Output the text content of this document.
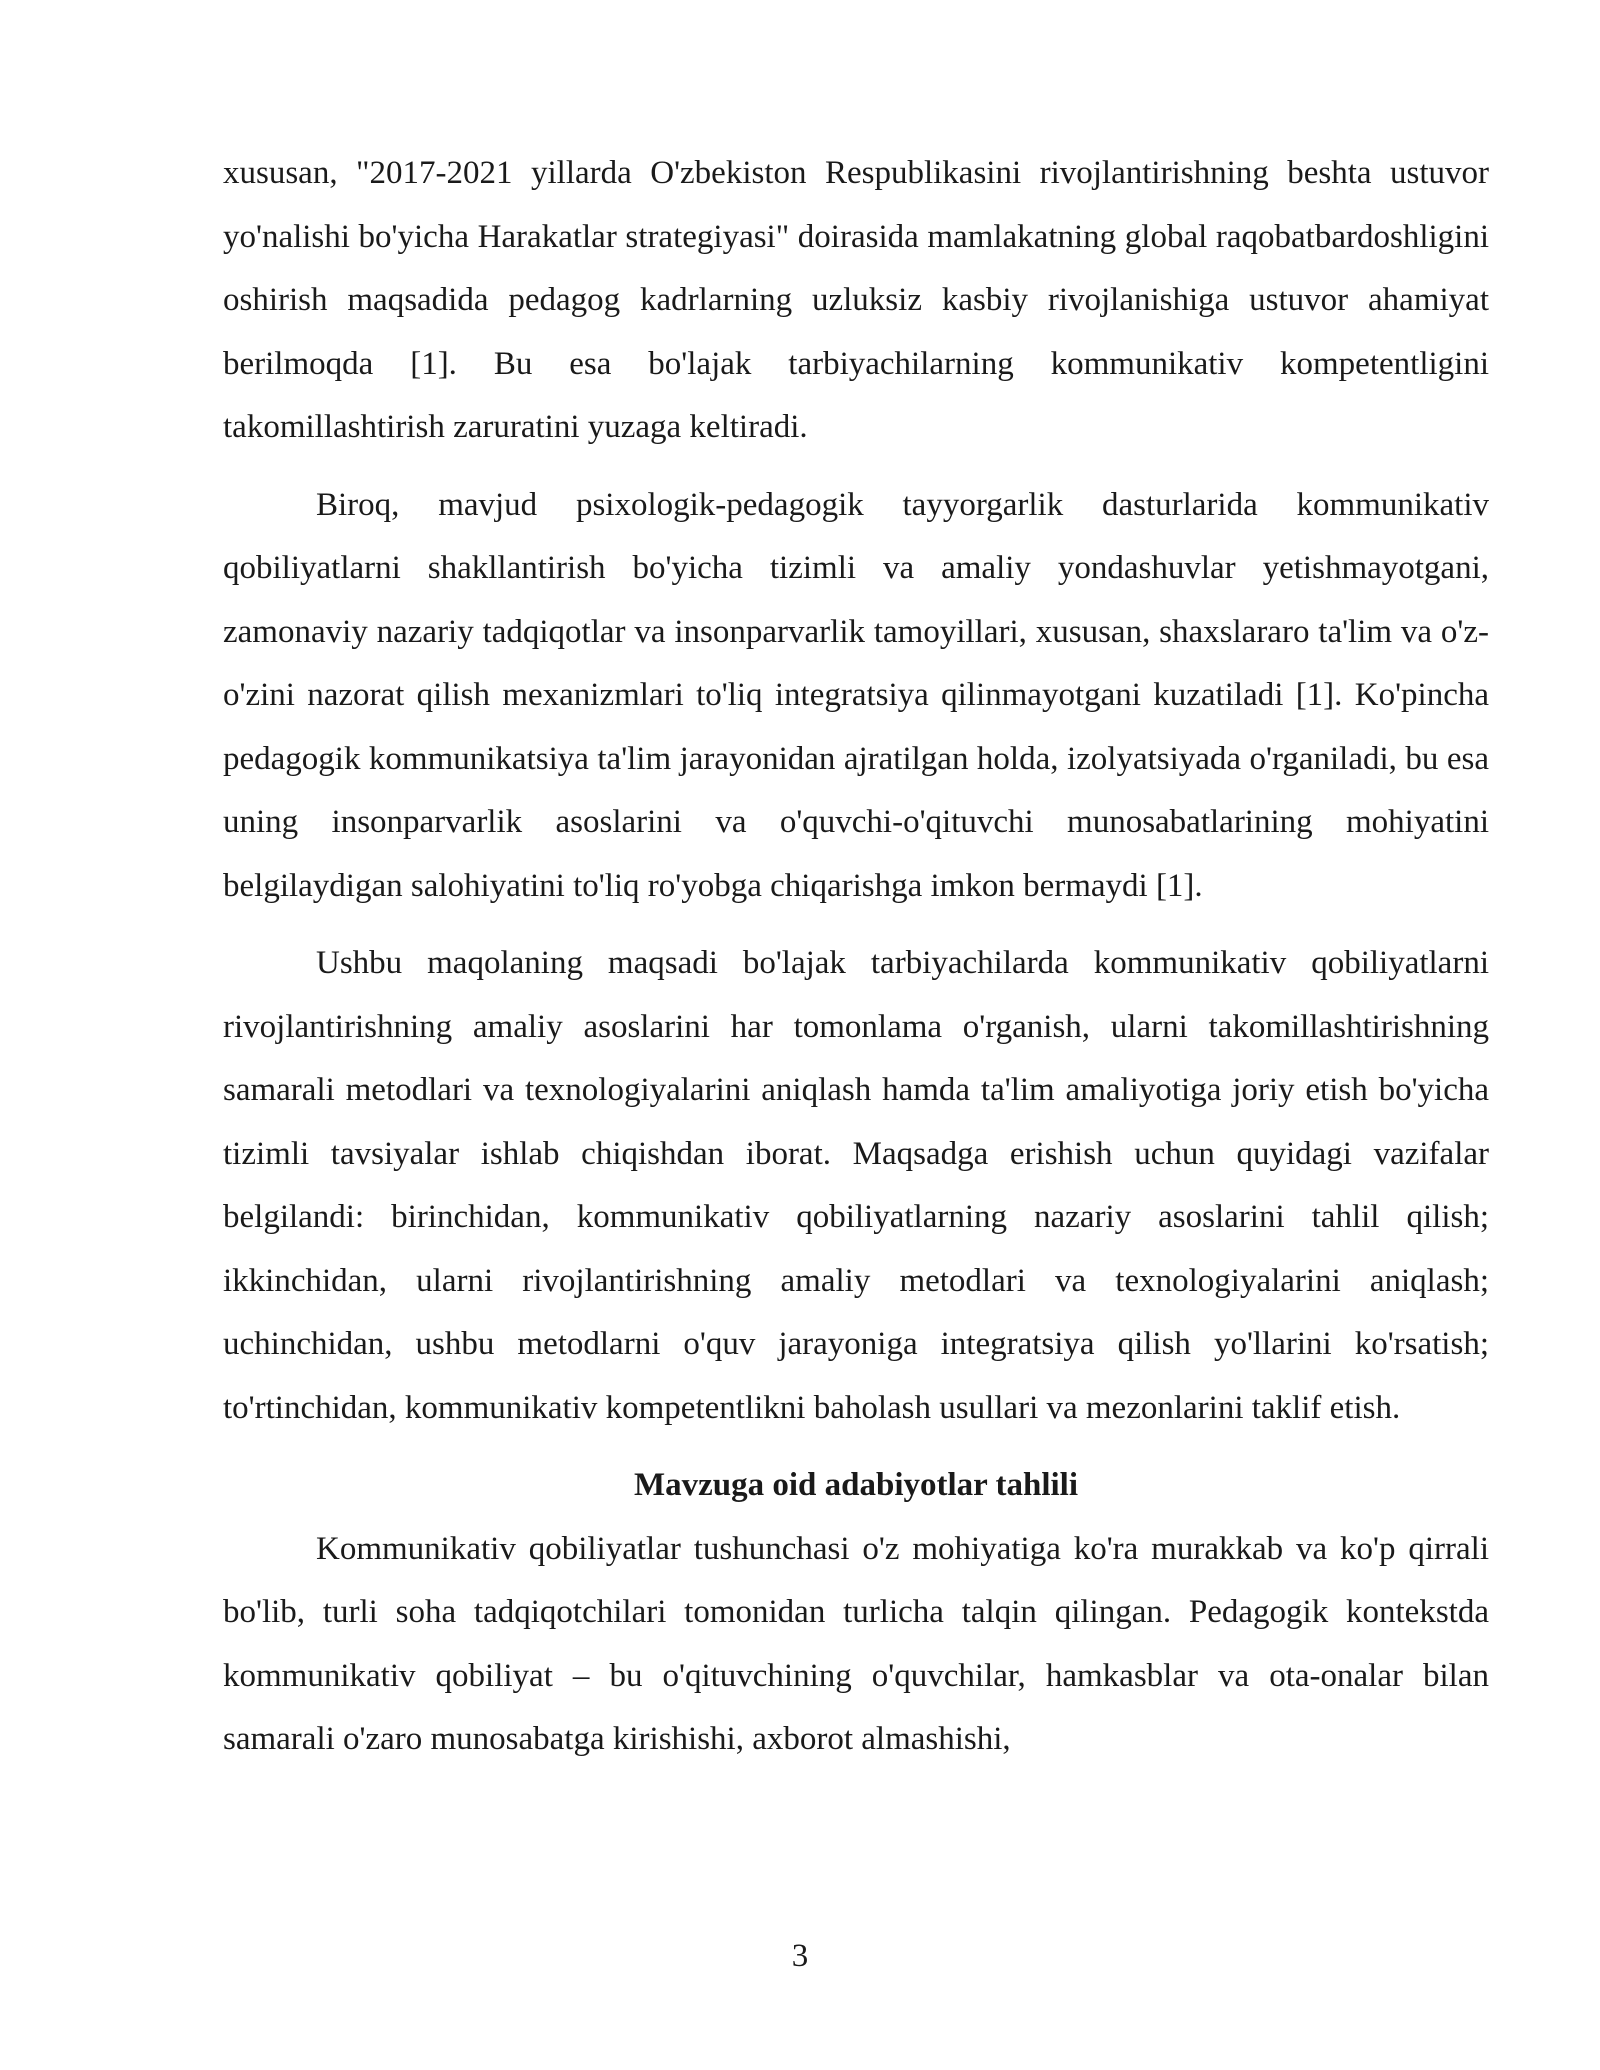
xususan, "2017-2021 yillarda O'zbekiston Respublikasini rivojlantirishning beshta ustuvor yo'nalishi bo'yicha Harakatlar strategiyasi" doirasida mamlakatning global raqobatbardoshligini oshirish maqsadida pedagog kadrlarning uzluksiz kasbiy rivojlanishiga ustuvor ahamiyat berilmoqda [1]. Bu esa bo'lajak tarbiyachilarning kommunikativ kompetentligini takomillashtirish zaruratini yuzaga keltiradi.

Biroq, mavjud psixologik-pedagogik tayyorgarlik dasturlarida kommunikativ qobiliyatlarni shakllantirish bo'yicha tizimli va amaliy yondashuvlar yetishmayotgani, zamonaviy nazariy tadqiqotlar va insonparvarlik tamoyillari, xususan, shaxslararo ta'lim va o'z-o'zini nazorat qilish mexanizmlari to'liq integratsiya qilinmayotgani kuzatiladi [1]. Ko'pincha pedagogik kommunikatsiya ta'lim jarayonidan ajratilgan holda, izolyatsiyada o'rganiladi, bu esa uning insonparvarlik asoslarini va o'quvchi-o'qituvchi munosabatlarining mohiyatini belgilaydigan salohiyatini to'liq ro'yobga chiqarishga imkon bermaydi [1].

Ushbu maqolaning maqsadi bo'lajak tarbiyachilarda kommunikativ qobiliyatlarni rivojlantirishning amaliy asoslarini har tomonlama o'rganish, ularni takomillashtirishning samarali metodlari va texnologiyalarini aniqlash hamda ta'lim amaliyotiga joriy etish bo'yicha tizimli tavsiyalar ishlab chiqishdan iborat. Maqsadga erishish uchun quyidagi vazifalar belgilandi: birinchidan, kommunikativ qobiliyatlarning nazariy asoslarini tahlil qilish; ikkinchidan, ularni rivojlantirishning amaliy metodlari va texnologiyalarini aniqlash; uchinchidan, ushbu metodlarni o'quv jarayoniga integratsiya qilish yo'llarini ko'rsatish; to'rtinchidan, kommunikativ kompetentlikni baholash usullari va mezonlarini taklif etish.

Mavzuga oid adabiyotlar tahlili

Kommunikativ qobiliyatlar tushunchasi o'z mohiyatiga ko'ra murakkab va ko'p qirrali bo'lib, turli soha tadqiqotchilari tomonidan turlicha talqin qilingan. Pedagogik kontekstda kommunikativ qobiliyat – bu o'qituvchining o'quvchilar, hamkasblar va ota-onalar bilan samarali o'zaro munosabatga kirishishi, axborot almashishi,

3
